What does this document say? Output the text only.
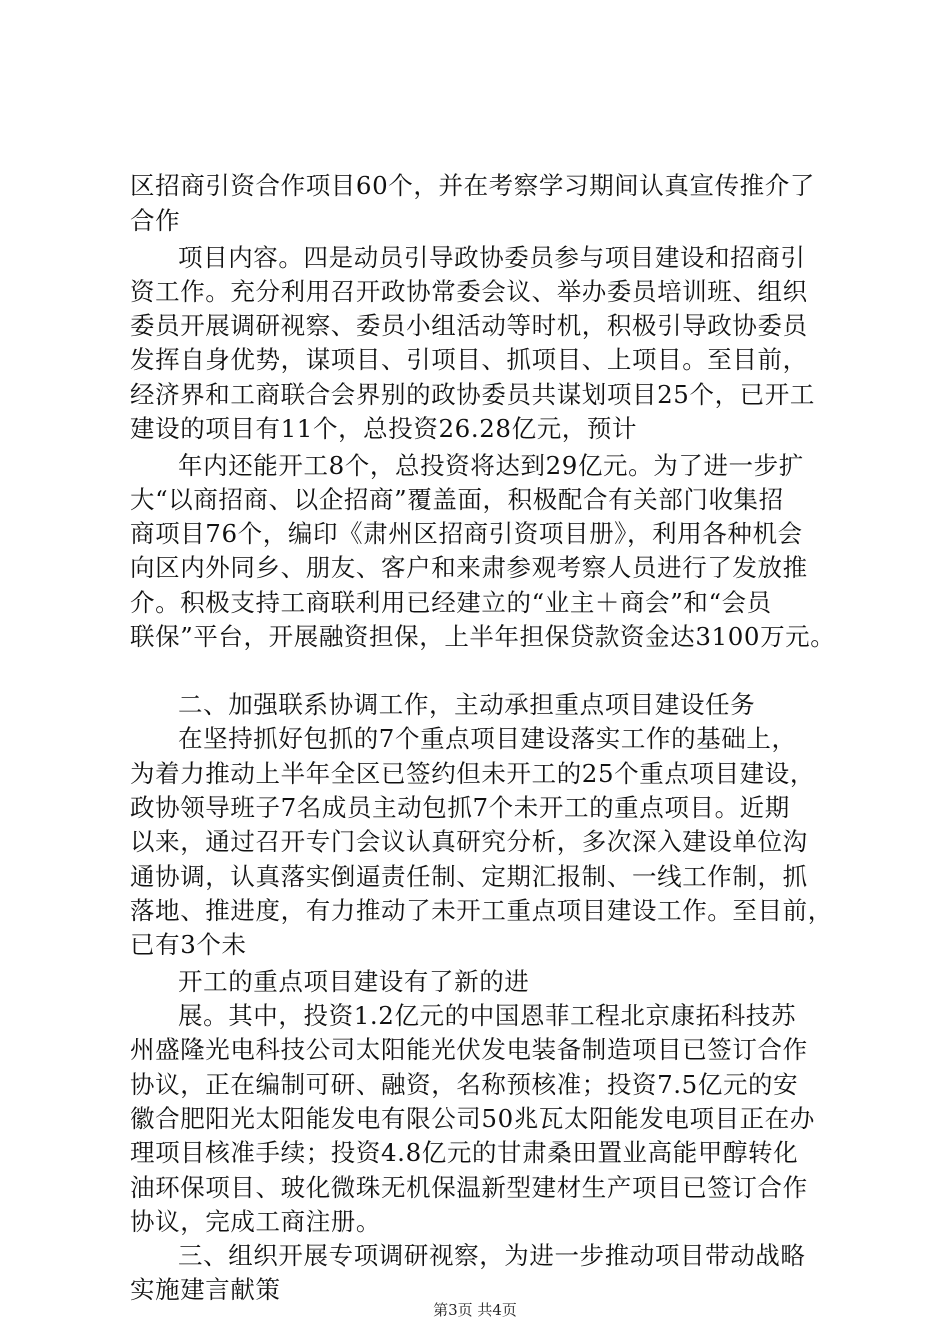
区招商引资合作项目60个，并在考察学习期间认真宣传推介了
合作
项目内容。四是动员引导政协委员参与项目建设和招商引
资工作。充分利用召开政协常委会议、举办委员培训班、组织
委员开展调研视察、委员小组活动等时机，积极引导政协委员
发挥自身优势，谋项目、引项目、抓项目、上项目。至目前，
经济界和工商联合会界别的政协委员共谋划项目25个，已开工
建设的项目有11个，总投资26.28亿元，预计
年内还能开工8个，总投资将达到29亿元。为了进一步扩
大“以商招商、以企招商”覆盖面，积极配合有关部门收集招
商项目76个，编印《肃州区招商引资项目册》，利用各种机会
向区内外同乡、朋友、客户和来肃参观考察人员进行了发放推
介。积极支持工商联利用已经建立的“业主＋商会”和“会员
联保”平台，开展融资担保，上半年担保贷款资金达3100万元。
二、加强联系协调工作，主动承担重点项目建设任务
在坚持抓好包抓的7个重点项目建设落实工作的基础上，
为着力推动上半年全区已签约但未开工的25个重点项目建设，
政协领导班子7名成员主动包抓7个未开工的重点项目。近期
以来，通过召开专门会议认真研究分析，多次深入建设单位沟
通协调，认真落实倒逼责任制、定期汇报制、一线工作制，抓
落地、推进度，有力推动了未开工重点项目建设工作。至目前，
已有3个未
开工的重点项目建设有了新的进
展。其中，投资1.2亿元的中国恩菲工程北京康拓科技苏
州盛隆光电科技公司太阳能光伏发电装备制造项目已签订合作
协议，正在编制可研、融资，名称预核准；投资7.5亿元的安
徽合肥阳光太阳能发电有限公司50兆瓦太阳能发电项目正在办
理项目核准手续；投资4.8亿元的甘肃桑田置业高能甲醇转化
油环保项目、玻化微珠无机保温新型建材生产项目已签订合作
协议，完成工商注册。
三、组织开展专项调研视察，为进一步推动项目带动战略
实施建言献策
第3页 共4页
